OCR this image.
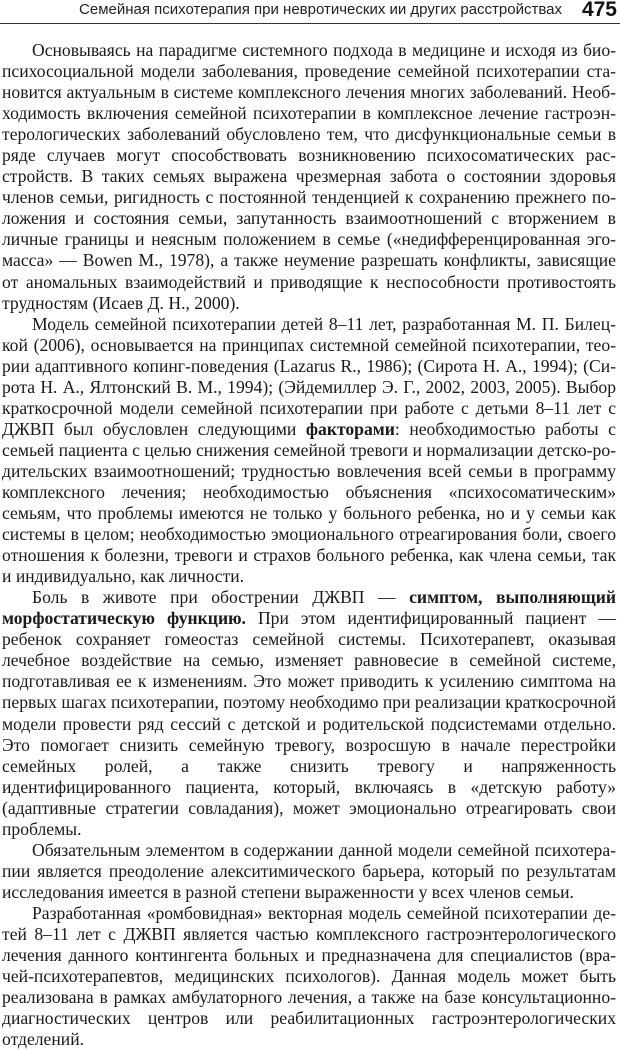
Семейная психотерапия при невротических ии других расстройствах 475

Основываясь на парадигме системного подхода в медицине и исходя из биопсихосоциальной модели заболевания, проведение семейной психотерапии становится актуальным в системе комплексного лечения многих заболеваний. Необходимость включения семейной психотерапии в комплексное лечение гастроэнтерологических заболеваний обусловлено тем, что дисфункциональные семьи в ряде случаев могут способствовать возникновению психосоматических расстройств. В таких семьях выражена чрезмерная забота о состоянии здоровья членов семьи, ригидность с постоянной тенденцией к сохранению прежнего положения и состояния семьи, запутанность взаимоотношений с вторжением в личные границы и неясным положением в семье («недифференцированная эго-масса» — Bowen M., 1978), а также неумение разрешать конфликты, зависящие от аномальных взаимодействий и приводящие к неспособности противостоять трудностям (Исаев Д. Н., 2000).

Модель семейной психотерапии детей 8–11 лет, разработанная М. П. Билецкой (2006), основывается на принципах системной семейной психотерапии, теории адаптивного копинг-поведения (Lazarus R., 1986); (Сирота Н. А., 1994); (Сирота Н. А., Ялтонский В. М., 1994); (Эйдемиллер Э. Г., 2002, 2003, 2005). Выбор краткосрочной модели семейной психотерапии при работе с детьми 8–11 лет с ДЖВП был обусловлен следующими факторами: необходимостью работы с семьей пациента с целью снижения семейной тревоги и нормализации детско-родительских взаимоотношений; трудностью вовлечения всей семьи в программу комплексного лечения; необходимостью объяснения «психосоматическим» семьям, что проблемы имеются не только у больного ребенка, но и у семьи как системы в целом; необходимостью эмоционального отреагирования боли, своего отношения к болезни, тревоги и страхов больного ребенка, как члена семьи, так и индивидуально, как личности.

Боль в животе при обострении ДЖВП — симптом, выполняющий морфостатическую функцию. При этом идентифицированный пациент — ребенок сохраняет гомеостаз семейной системы. Психотерапевт, оказывая лечебное воздействие на семью, изменяет равновесие в семейной системе, подготавливая ее к изменениям. Это может приводить к усилению симптома на первых шагах психотерапии, поэтому необходимо при реализации краткосрочной модели провести ряд сессий с детской и родительской подсистемами отдельно. Это помогает снизить семейную тревогу, возросшую в начале перестройки семейных ролей, а также снизить тревогу и напряженность идентифицированного пациента, который, включаясь в «детскую работу» (адаптивные стратегии совладания), может эмоционально отреагировать свои проблемы.

Обязательным элементом в содержании данной модели семейной психотерапии является преодоление алекситимического барьера, который по результатам исследования имеется в разной степени выраженности у всех членов семьи.

Разработанная «ромбовидная» векторная модель семейной психотерапии детей 8–11 лет с ДЖВП является частью комплексного гастроэнтерологического лечения данного контингента больных и предназначена для специалистов (врачей-психотерапевтов, медицинских психологов). Данная модель может быть реализована в рамках амбулаторного лечения, а также на базе консультационно-диагностических центров или реабилитационных гастроэнтерологических отделений.
